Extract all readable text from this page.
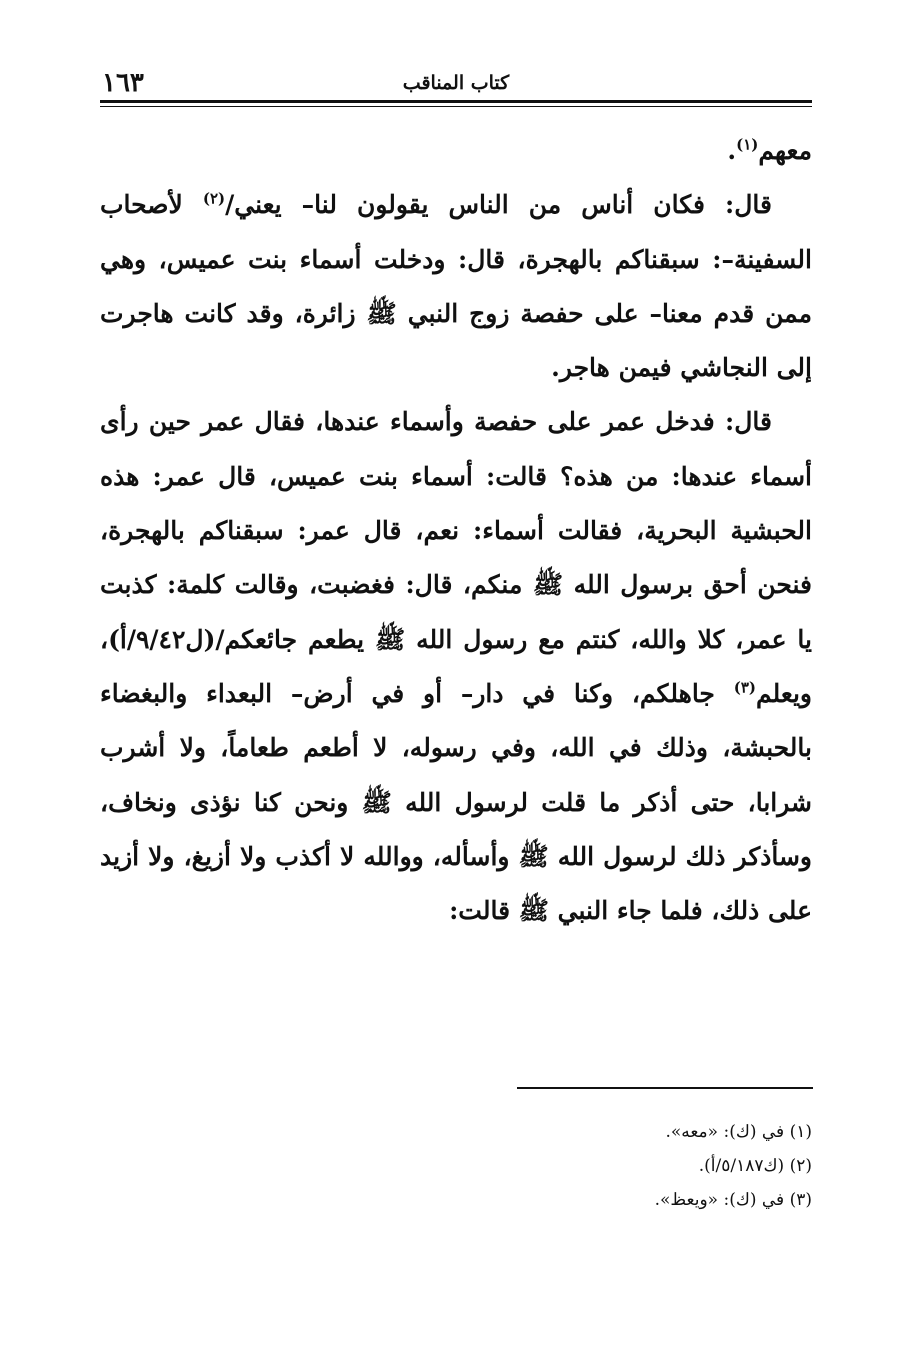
١٦٣	كتاب المناقب

معهم$^{(١)}$.

قال: فكان أناس من الناس يقولون لنا– يعني/$^{(٢)}$ لأصحاب السفينة–: سبقناكم بالهجرة، قال: ودخلت أسماء بنت عميس، وهي ممن قدم معنا– على حفصة زوج النبي ﷺ زائرة، وقد كانت هاجرت إلى النجاشي فيمن هاجر.

قال: فدخل عمر على حفصة وأسماء عندها، فقال عمر حين رأى أسماء عندها: من هذه؟ قالت: أسماء بنت عميس، قال عمر: هذه الحبشية البحرية، فقالت أسماء: نعم، قال عمر: سبقناكم بالهجرة، فنحن أحق برسول الله ﷺ منكم، قال: فغضبت، وقالت كلمة: كذبت يا عمر، كلا والله، كنتم مع رسول الله ﷺ يطعم جائعكم/(ل٩/٤٢/أ)، ويعلم$^{(٣)}$ جاهلكم، وكنا في دار– أو في أرض– البعداء والبغضاء بالحبشة، وذلك في الله، وفي رسوله، لا أطعم طعاماً، ولا أشرب شرابا، حتى أذكر ما قلت لرسول الله ﷺ ونحن كنا نؤذى ونخاف، وسأذكر ذلك لرسول الله ﷺ وأسأله، ووالله لا أكذب ولا أزيغ، ولا أزيد على ذلك، فلما جاء النبي ﷺ قالت:

(١) في (ك): «معه».

(٢) (ك٥/١٨٧/أ).

(٣) في (ك): «ويعظ».
